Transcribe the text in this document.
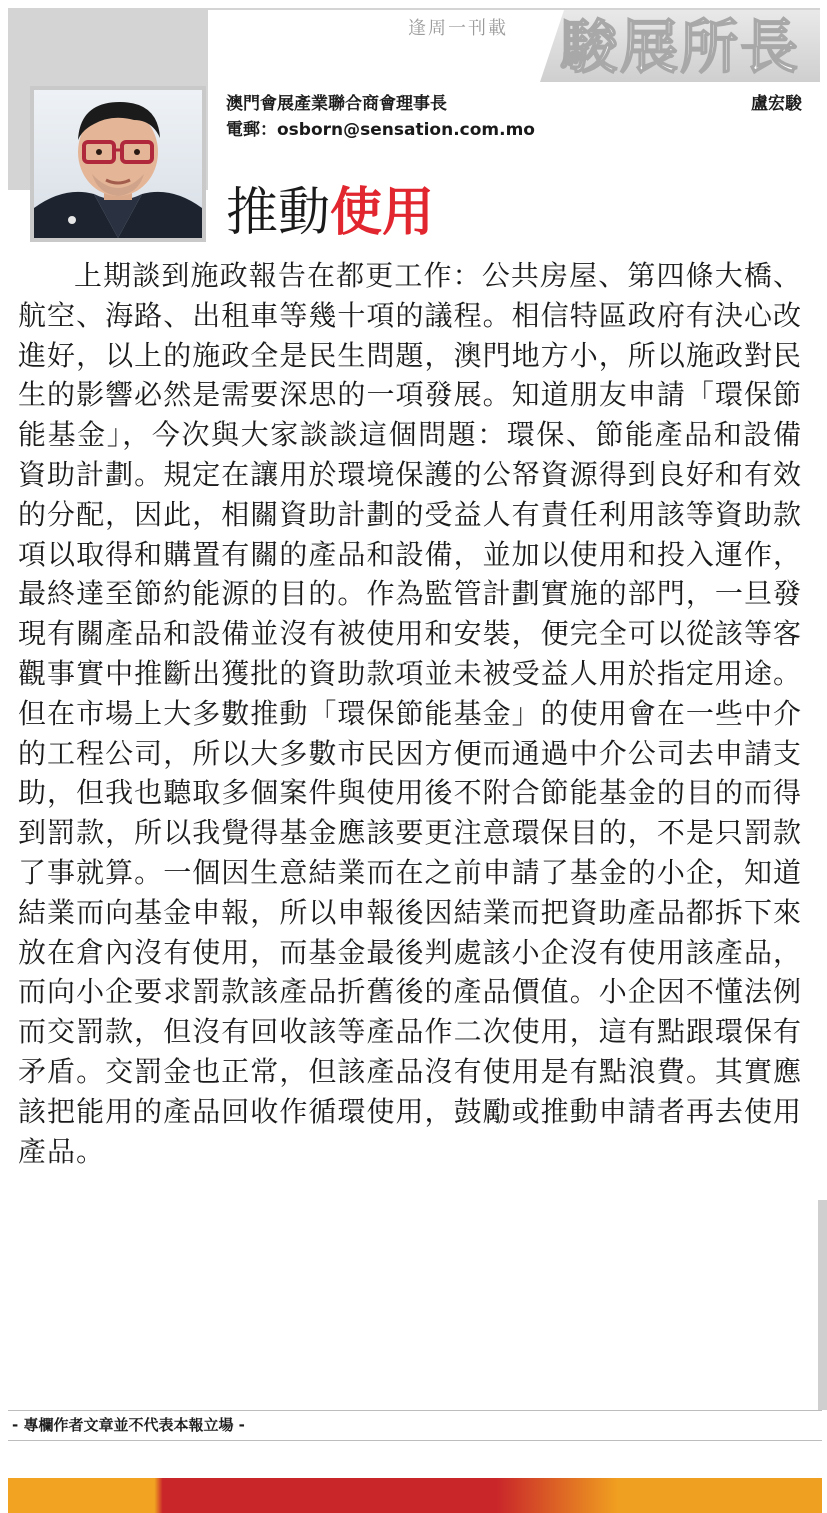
逢周一刊載 駿展所長
澳門會展產業聯合商會理事長	盧宏駿
電郵：osborn@sensation.com.mo
推動使用

上期談到施政報告在都更工作：公共房屋、第四條大橋、航空、海路、出租車等幾十項的議程。相信特區政府有決心改進好，以上的施政全是民生問題，澳門地方小，所以施政對民生的影響必然是需要深思的一項發展。知道朋友申請「環保節能基金」，今次與大家談談這個問題：環保、節能產品和設備資助計劃。規定在讓用於環境保護的公帑資源得到良好和有效的分配，因此，相關資助計劃的受益人有責任利用該等資助款項以取得和購置有關的產品和設備，並加以使用和投入運作，最終達至節約能源的目的。作為監管計劃實施的部門，一旦發現有關產品和設備並沒有被使用和安裝，便完全可以從該等客觀事實中推斷出獲批的資助款項並未被受益人用於指定用途。但在市場上大多數推動「環保節能基金」的使用會在一些中介的工程公司，所以大多數市民因方便而通過中介公司去申請支助，但我也聽取多個案件與使用後不附合節能基金的目的而得到罰款，所以我覺得基金應該要更注意環保目的，不是只罰款了事就算。一個因生意結業而在之前申請了基金的小企，知道結業而向基金申報，所以申報後因結業而把資助產品都拆下來放在倉內沒有使用，而基金最後判處該小企沒有使用該產品，而向小企要求罰款該產品折舊後的產品價值。小企因不懂法例而交罰款，但沒有回收該等產品作二次使用，這有點跟環保有矛盾。交罰金也正常，但該產品沒有使用是有點浪費。其實應該把能用的產品回收作循環使用，鼓勵或推動申請者再去使用產品。

- 專欄作者文章並不代表本報立場 -
